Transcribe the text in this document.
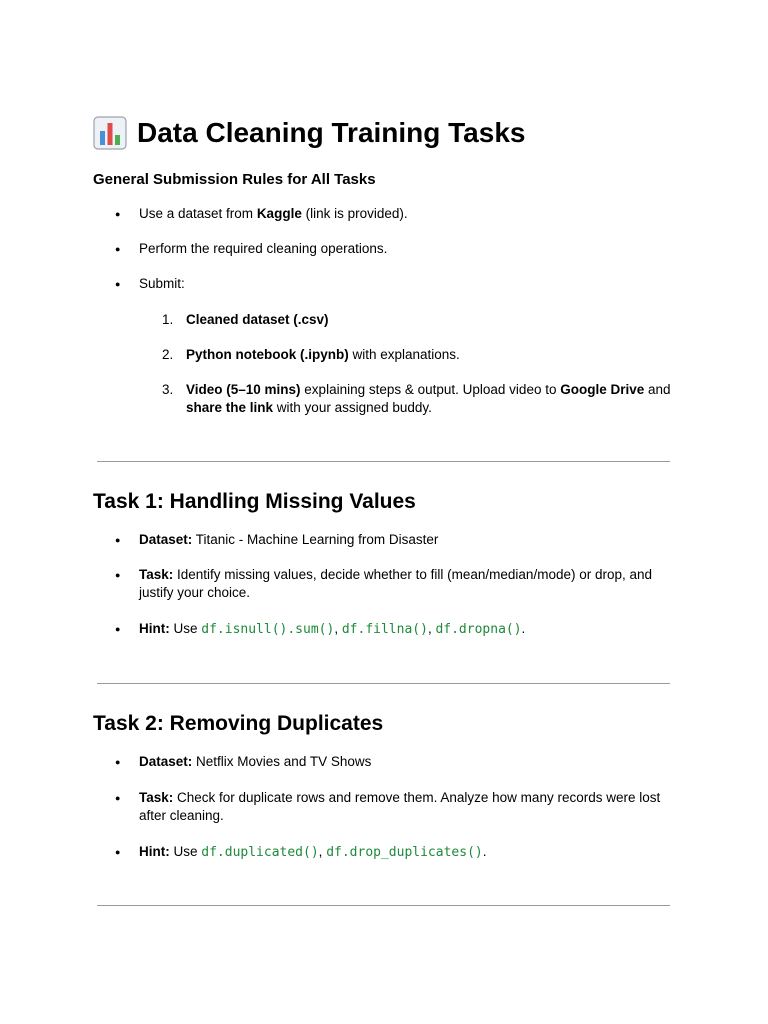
Data Cleaning Training Tasks
General Submission Rules for All Tasks
● Use a dataset from Kaggle (link is provided).
● Perform the required cleaning operations.
● Submit:
1. Cleaned dataset (.csv)
2. Python notebook (.ipynb) with explanations.
3. Video (5–10 mins) explaining steps & output. Upload video to Google Drive and share the link with your assigned buddy.
Task 1: Handling Missing Values
● Dataset: Titanic - Machine Learning from Disaster
● Task: Identify missing values, decide whether to fill (mean/median/mode) or drop, and justify your choice.
● Hint: Use df.isnull().sum(), df.fillna(), df.dropna().
Task 2: Removing Duplicates
● Dataset: Netflix Movies and TV Shows
● Task: Check for duplicate rows and remove them. Analyze how many records were lost after cleaning.
● Hint: Use df.duplicated(), df.drop_duplicates().
